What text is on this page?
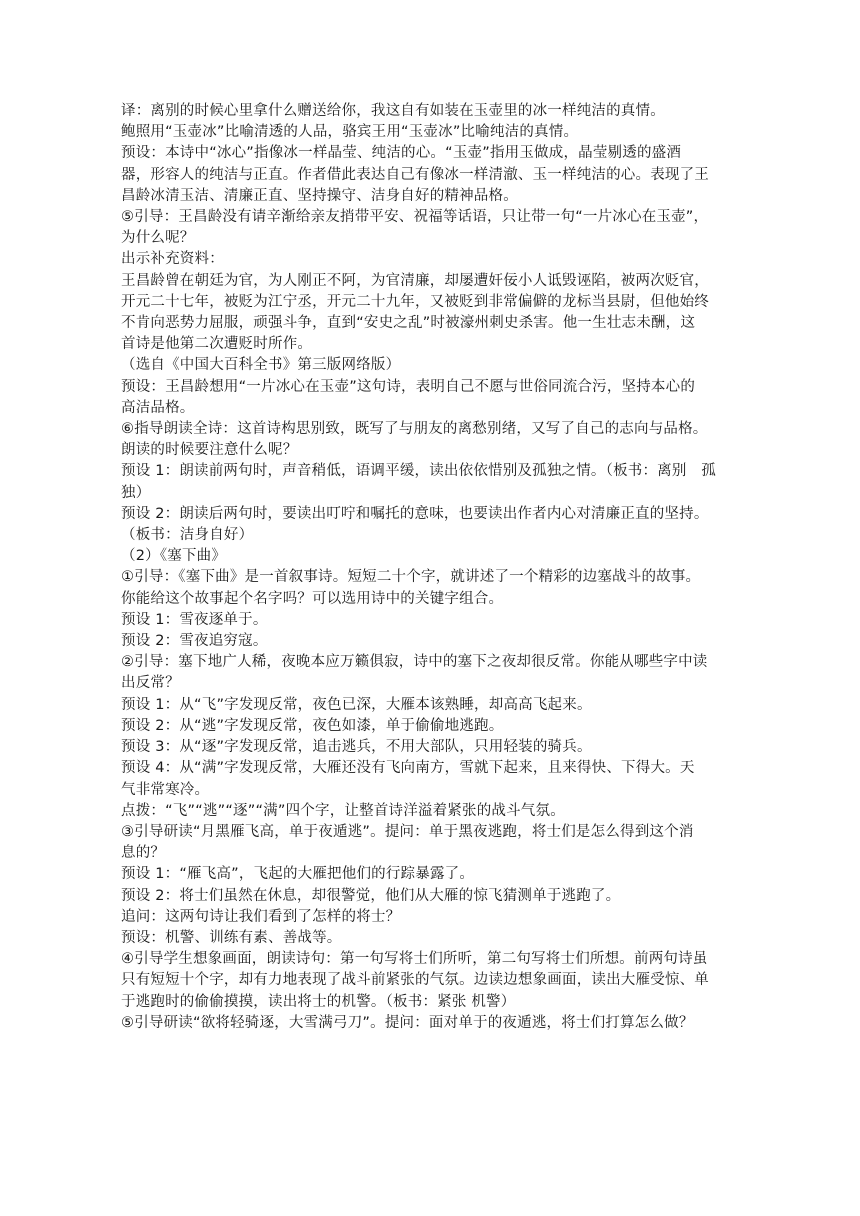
译：离别的时候心里拿什么赠送给你，我这自有如装在玉壶里的冰一样纯洁的真情。
鲍照用“玉壶冰”比喻清透的人品，骆宾王用“玉壶冰”比喻纯洁的真情。
预设：本诗中“冰心”指像冰一样晶莹、纯洁的心。“玉壶”指用玉做成，晶莹剔透的盛酒
器，形容人的纯洁与正直。作者借此表达自己有像冰一样清澈、玉一样纯洁的心。表现了王
昌龄冰清玉洁、清廉正直、坚持操守、洁身自好的精神品格。
⑤引导：王昌龄没有请辛渐给亲友捎带平安、祝福等话语，只让带一句“一片冰心在玉壶”，
为什么呢？
出示补充资料：
王昌龄曾在朝廷为官，为人刚正不阿，为官清廉，却屡遭奸佞小人诋毁诬陷，被两次贬官，
开元二十七年，被贬为江宁丞，开元二十九年，又被贬到非常偏僻的龙标当县尉，但他始终
不肯向恶势力屈服，顽强斗争，直到“安史之乱”时被濠州刺史杀害。他一生壮志未酬，这
首诗是他第二次遭贬时所作。
（选自《中国大百科全书》第三版网络版）
预设：王昌龄想用“一片冰心在玉壶”这句诗，表明自己不愿与世俗同流合污，坚持本心的
高洁品格。
⑥指导朗读全诗：这首诗构思别致，既写了与朋友的离愁别绪，又写了自己的志向与品格。
朗读的时候要注意什么呢？
预设 1：朗读前两句时，声音稍低，语调平缓，读出依依惜别及孤独之情。（板书：离别　孤
独）
预设 2：朗读后两句时，要读出叮咛和嘱托的意味，也要读出作者内心对清廉正直的坚持。
（板书：洁身自好）
（2）《塞下曲》
①引导：《塞下曲》是一首叙事诗。短短二十个字，就讲述了一个精彩的边塞战斗的故事。
你能给这个故事起个名字吗？可以选用诗中的关键字组合。
预设 1：雪夜逐单于。
预设 2：雪夜追穷寇。
②引导：塞下地广人稀，夜晚本应万籁俱寂，诗中的塞下之夜却很反常。你能从哪些字中读
出反常？
预设 1：从“飞”字发现反常，夜色已深，大雁本该熟睡，却高高飞起来。
预设 2：从“逃”字发现反常，夜色如漆，单于偷偷地逃跑。
预设 3：从“逐”字发现反常，追击逃兵，不用大部队，只用轻装的骑兵。
预设 4：从“满”字发现反常，大雁还没有飞向南方，雪就下起来，且来得快、下得大。天
气非常寒冷。
点拨：“飞”“逃”“逐”“满”四个字，让整首诗洋溢着紧张的战斗气氛。
③引导研读“月黑雁飞高，单于夜遁逃”。提问：单于黑夜逃跑，将士们是怎么得到这个消
息的？
预设 1：“雁飞高”，飞起的大雁把他们的行踪暴露了。
预设 2：将士们虽然在休息，却很警觉，他们从大雁的惊飞猜测单于逃跑了。
追问：这两句诗让我们看到了怎样的将士？
预设：机警、训练有素、善战等。
④引导学生想象画面，朗读诗句：第一句写将士们所听，第二句写将士们所想。前两句诗虽
只有短短十个字，却有力地表现了战斗前紧张的气氛。边读边想象画面，读出大雁受惊、单
于逃跑时的偷偷摸摸，读出将士的机警。（板书：紧张 机警）
⑤引导研读“欲将轻骑逐，大雪满弓刀”。提问：面对单于的夜遁逃，将士们打算怎么做？
